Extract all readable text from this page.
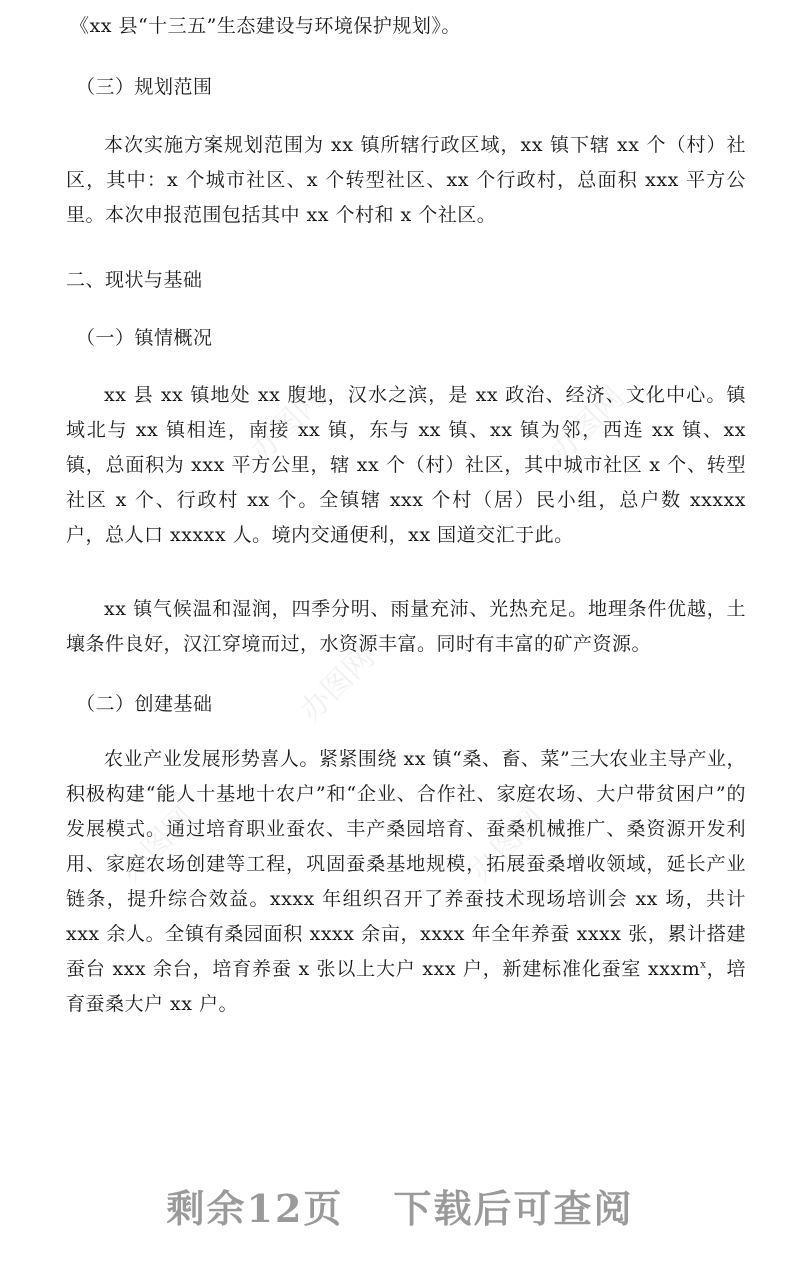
《xx 县“十三五”生态建设与环境保护规划》。
（三）规划范围
本次实施方案规划范围为 xx 镇所辖行政区域，xx 镇下辖 xx 个（村）社区，其中：x 个城市社区、x 个转型社区、xx 个行政村，总面积 xxx 平方公里。本次申报范围包括其中 xx 个村和 x 个社区。
二、现状与基础
（一）镇情概况
xx 县 xx 镇地处 xx 腹地，汉水之滨，是 xx 政治、经济、文化中心。镇域北与 xx 镇相连，南接 xx 镇，东与 xx 镇、xx 镇为邻，西连 xx 镇、xx 镇，总面积为 xxx 平方公里，辖 xx 个（村）社区，其中城市社区 x 个、转型社区 x 个、行政村 xx 个。全镇辖 xxx 个村（居）民小组，总户数 xxxxx 户，总人口 xxxxx 人。境内交通便利，xx 国道交汇于此。
xx 镇气候温和湿润，四季分明、雨量充沛、光热充足。地理条件优越，土壤条件良好，汉江穿境而过，水资源丰富。同时有丰富的矿产资源。
（二）创建基础
农业产业发展形势喜人。紧紧围绕 xx 镇“桑、畜、菜”三大农业主导产业，积极构建“能人十基地十农户”和“企业、合作社、家庭农场、大户带贫困户”的发展模式。通过培育职业蚕农、丰产桑园培育、蚕桑机械推广、桑资源开发利用、家庭农场创建等工程，巩固蚕桑基地规模，拓展蚕桑增收领域，延长产业链条，提升综合效益。xxxx 年组织召开了养蚕技术现场培训会 xx 场，共计 xxx 余人。全镇有桑园面积 xxxx 余亩，xxxx 年全年养蚕 xxxx 张，累计搭建蚕台 xxx 余台，培育养蚕 x 张以上大户 xxx 户，新建标准化蚕室 xxxm$^x$，培育蚕桑大户 xx 户。
办图网	办图网
办图网
办图网	办图网
剩余12页 下载后可查阅
